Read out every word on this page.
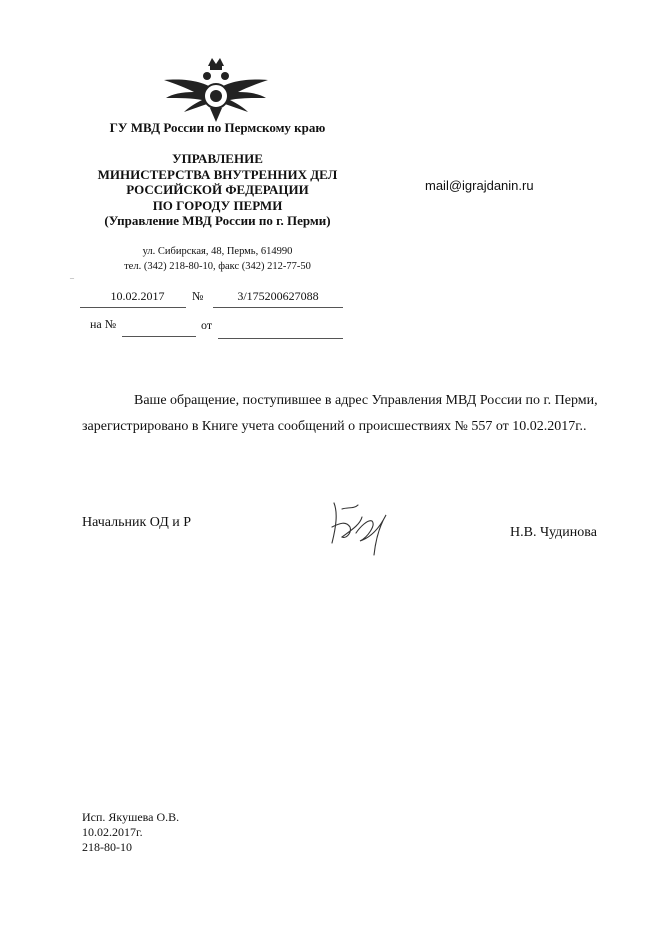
ГУ МВД России по Пермскому краю
УПРАВЛЕНИЕ
МИНИСТЕРСТВА ВНУТРЕННИХ ДЕЛ
РОССИЙСКОЙ ФЕДЕРАЦИИ
ПО ГОРОДУ ПЕРМИ
(Управление МВД России по г. Перми)
ул. Сибирская, 48, Пермь, 614990
тел. (342) 218-80-10, факс (342) 212-77-50
–
mail@igrajdanin.ru
10.02.2017	№	3/175200627088
на №	от
Ваше обращение, поступившее в адрес Управления МВД России по г. Перми, зарегистрировано в Книге учета сообщений о происшествиях № 557 от 10.02.2017г..
Начальник ОД и Р
Н.В. Чудинова
Исп. Якушева О.В.
10.02.2017г.
218-80-10
